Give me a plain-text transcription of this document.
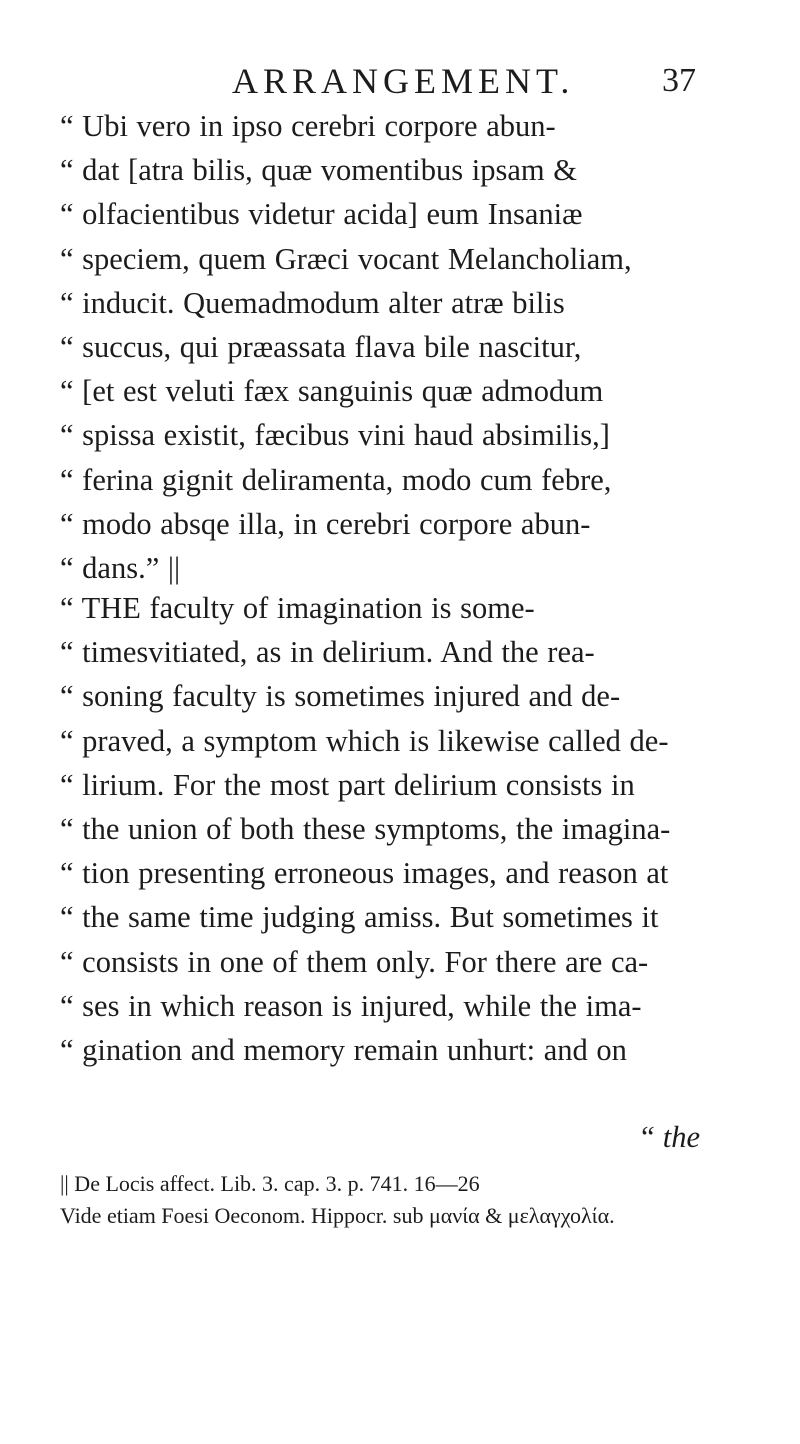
ARRANGEMENT.	37
“ Ubi vero in ipso cerebri corpore abun-
“ dat [atra bilis, quæ vomentibus ipsam &
“ olfacientibus videtur acida] eum Insaniæ
“ speciem, quem Græci vocant Melancholiam,
“ inducit. Quemadmodum alter atræ bilis
“ succus, qui præassata flava bile nascitur,
“ [et est veluti fæx sanguinis quæ admodum
“ spissa existit, fæcibus vini haud absimilis,]
“ ferina gignit deliramenta, modo cum febre,
“ modo absqe illa, in cerebri corpore abun-
“ dans.” ||
“ THE faculty of imagination is some-
“ timesvitiated, as in delirium. And the rea-
“ soning faculty is sometimes injured and de-
“ praved, a symptom which is likewise called de-
“ lirium. For the most part delirium consists in
“ the union of both these symptoms, the imagina-
“ tion presenting erroneous images, and reason at
“ the same time judging amiss. But sometimes it
“ consists in one of them only. For there are ca-
“ ses in which reason is injured, while the ima-
“ gination and memory remain unhurt: and on
“ the
|| De Locis affect. Lib. 3. cap. 3. p. 741. 16—26
Vide etiam Foesi Oeconom. Hippocr. sub μανία & μελαγχολία.
